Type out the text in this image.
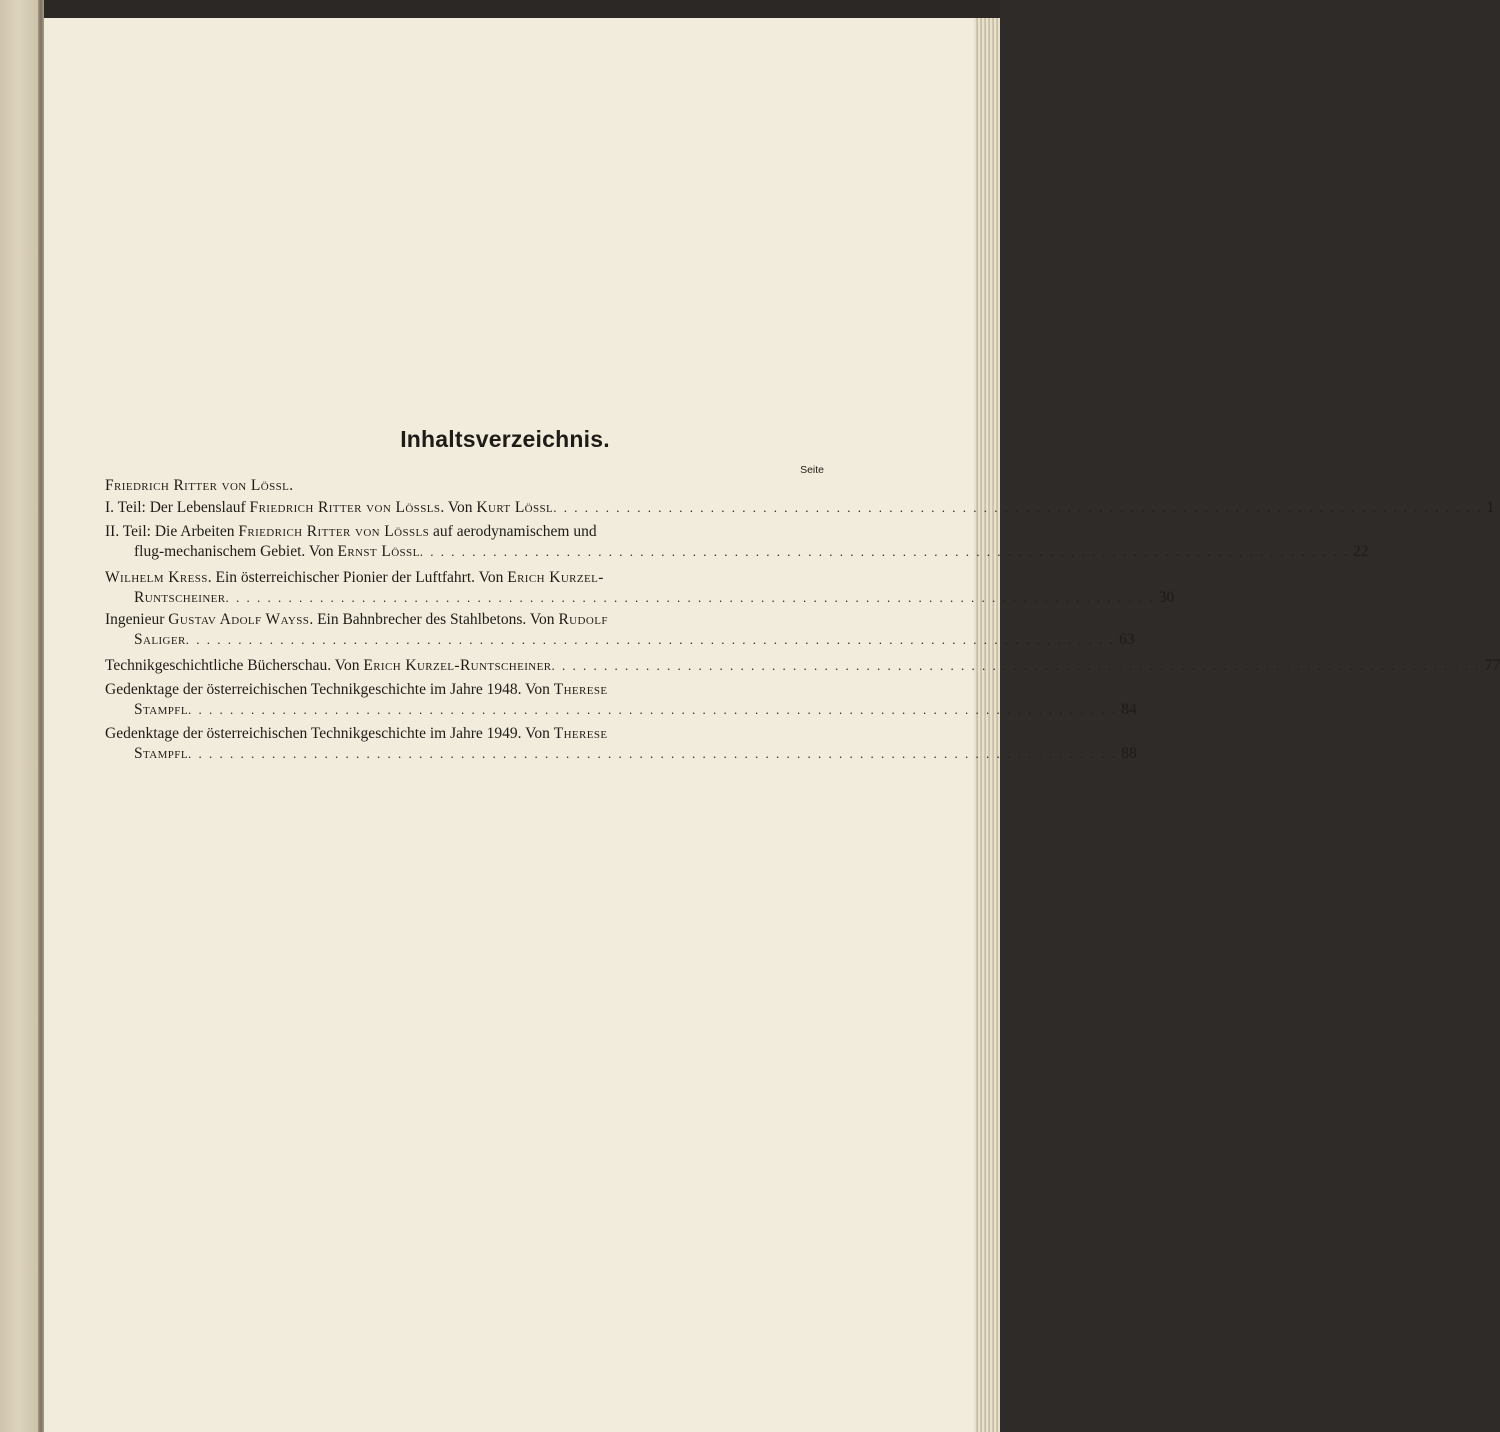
Inhaltsverzeichnis.
Seite
Friedrich Ritter von Lössl.
I. Teil: Der Lebenslauf Friedrich Ritter von Lössls. Von Kurt Lössl . . . . . . . . . . . . . . . . . . . . . . . . . . . . . . . . . . . . . . . . . . . . . . . . . . . . . . . . . . . . . . . . . . . . . . . . . . . . . . . . . . . . . . . . . 1
II. Teil: Die Arbeiten Friedrich Ritter von Lössls auf aerodynamischem und
flug-mechanischem Gebiet. Von Ernst Lössl . . . . . . . . . . . . . . . . . . . . . . . . . . . . . . . . . . . . . . . . . . . . . . . . . . . . . . . . . . . . . . . . . . . . . . . . . . . . . . . . . . . . . . . . . 22
Wilhelm Kress. Ein österreichischer Pionier der Luftfahrt. Von Erich Kurzel-
Runtscheiner . . . . . . . . . . . . . . . . . . . . . . . . . . . . . . . . . . . . . . . . . . . . . . . . . . . . . . . . . . . . . . . . . . . . . . . . . . . . . . . . . . . . . . . . . 30
Ingenieur Gustav Adolf Wayss. Ein Bahnbrecher des Stahlbetons. Von Rudolf
Saliger . . . . . . . . . . . . . . . . . . . . . . . . . . . . . . . . . . . . . . . . . . . . . . . . . . . . . . . . . . . . . . . . . . . . . . . . . . . . . . . . . . . . . . . . . 63
Technikgeschichtliche Bücherschau. Von Erich Kurzel-Runtscheiner . . . . . . . . . . . . . . . . . . . . . . . . . . . . . . . . . . . . . . . . . . . . . . . . . . . . . . . . . . . . . . . . . . . . . . . . . . . . . . . . . . . . . . . . . 77
Gedenktage der österreichischen Technikgeschichte im Jahre 1948. Von Therese
Stampfl . . . . . . . . . . . . . . . . . . . . . . . . . . . . . . . . . . . . . . . . . . . . . . . . . . . . . . . . . . . . . . . . . . . . . . . . . . . . . . . . . . . . . . . . . 84
Gedenktage der österreichischen Technikgeschichte im Jahre 1949. Von Therese
Stampfl . . . . . . . . . . . . . . . . . . . . . . . . . . . . . . . . . . . . . . . . . . . . . . . . . . . . . . . . . . . . . . . . . . . . . . . . . . . . . . . . . . . . . . . . . 88
